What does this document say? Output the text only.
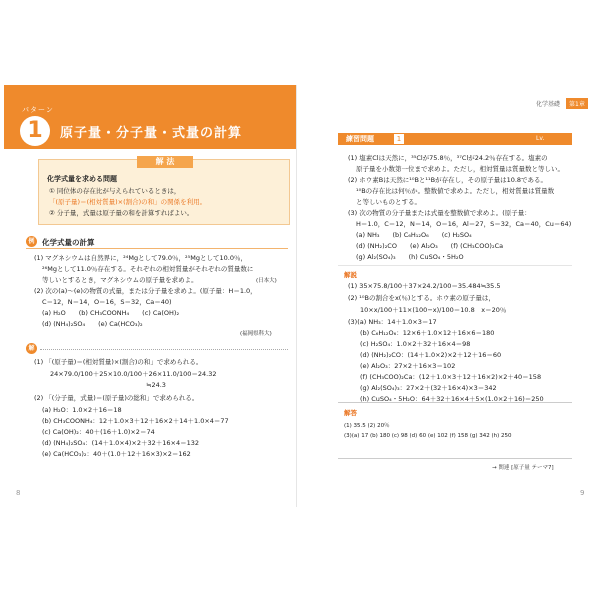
パターン
1	原子量・分子量・式量の計算
解 法
化学式量を求める問題
① 同位体の存在比が与えられているときは，
「(原子量)＝(相対質量)×(割合)の和」の関係を利用。
② 分子量，式量は原子量の和を計算すればよい。
例題
化学式量の計算
(1) マグネシウムは自然界に，²⁴Mgとして79.0％，²⁵Mgとして10.0％，
²⁶Mgとして11.0％存在する。それぞれの相対質量がそれぞれの質量数に
等しいとするとき，マグネシウムの原子量を求めよ。	(日本大)
(2) 次の(a)〜(e)の物質の式量，または分子量を求めよ。(原子量：H＝1.0，
C＝12，N＝14，O＝16，S＝32，Ca＝40)
(a) H₂O　　(b) CH₃COONH₄　　(c) Ca(OH)₂
(d) (NH₄)₂SO₄　　(e) Ca(HCO₃)₂
(福岡県科大)
解答 (1) 「(原子量)＝(相対質量)×(割合)の和」で求められる。
24×79.0/100＋25×10.0/100＋26×11.0/100＝24.32
≒24.3
(2) 「(分子量，式量)＝(原子量)の総和」で求められる。
(a) H₂O：1.0×2＋16＝18
(b) CH₃COONH₄：12＋1.0×3＋12＋16×2＋14＋1.0×4＝77
(c) Ca(OH)₂：40＋(16＋1.0)×2＝74
(d) (NH₄)₂SO₄：(14＋1.0×4)×2＋32＋16×4＝132
(e) Ca(HCO₃)₂：40＋(1.0＋12＋16×3)×2＝162
8
化学基礎	第1章
練習問題	1	Lv.
(1) 塩素Clは天然に，³⁵Clが75.8％，³⁷Clが24.2％存在する。塩素の
原子量を小数第一位まで求めよ。ただし，相対質量は質量数と等しい。
(2) ホウ素Bは天然に¹⁰Bと¹¹Bが存在し，その原子量は10.8である。
¹⁰Bの存在比は何％か。整数値で求めよ。ただし，相対質量は質量数
と等しいものとする。
(3) 次の物質の分子量または式量を整数値で求めよ。(原子量：
H＝1.0，C＝12，N＝14，O＝16，Al＝27，S＝32，Ca＝40，Cu＝64)
(a) NH₃　　(b) C₆H₁₂O₆　　(c) H₂SO₄
(d) (NH₂)₂CO　　(e) Al₂O₃　　(f) (CH₃COO)₂Ca
(g) Al₂(SO₄)₃　　(h) CuSO₄・5H₂O
解説
(1) 35×75.8/100＋37×24.2/100＝35.484≒35.5
(2) ¹⁰Bの割合をx(％)とする。ホウ素の原子量は，
10×x/100＋11×(100−x)/100＝10.8　x＝20％
(3)(a) NH₃：14＋1.0×3＝17
(b) C₆H₁₂O₆：12×6＋1.0×12＋16×6＝180
(c) H₂SO₄：1.0×2＋32＋16×4＝98
(d) (NH₂)₂CO：(14＋1.0×2)×2＋12＋16＝60
(e) Al₂O₃：27×2＋16×3＝102
(f) (CH₃COO)₂Ca：(12＋1.0×3＋12＋16×2)×2＋40＝158
(g) Al₂(SO₄)₃：27×2＋(32＋16×4)×3＝342
(h) CuSO₄・5H₂O：64＋32＋16×4＋5×(1.0×2＋16)＝250
解答
(1) 35.5 (2) 20％
(3)(a) 17 (b) 180 (c) 98 (d) 60 (e) 102 (f) 158 (g) 342 (h) 250
→ 関連 [原子量 テーマ7]
9
